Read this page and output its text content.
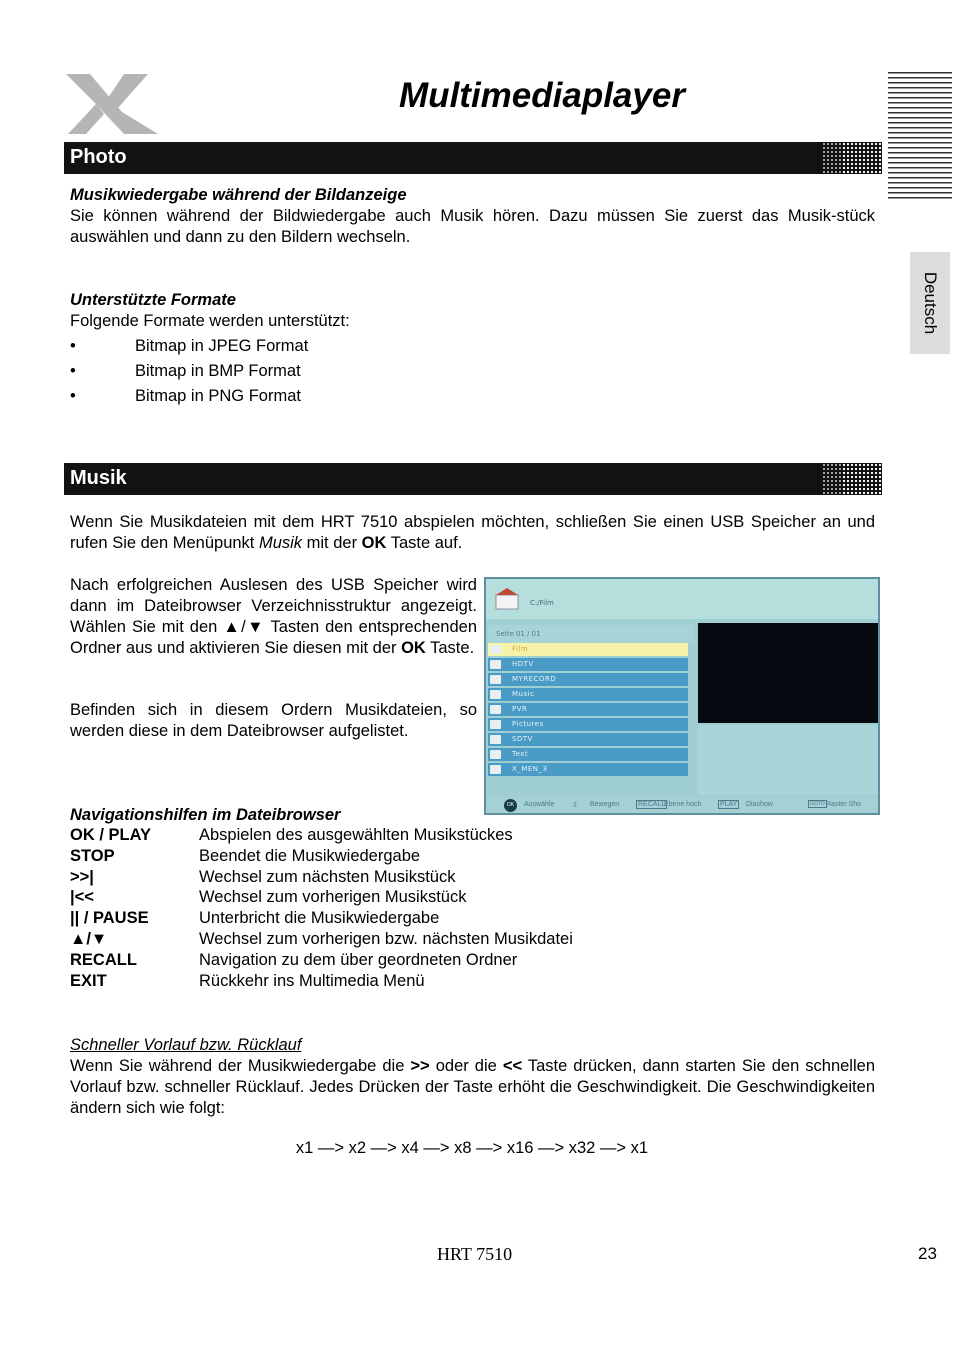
Multimediaplayer
Deutsch
Photo
Musikwiedergabe während der Bildanzeige
Sie können während der Bildwiedergabe auch Musik hören. Dazu müssen Sie zuerst das Musik-stück auswählen und dann zu den Bildern wechseln.
Unterstützte Formate
Folgende Formate werden unterstützt:
•	Bitmap in JPEG Format
•	Bitmap in BMP Format
•	Bitmap in PNG Format
Musik
Wenn Sie Musikdateien mit dem HRT 7510 abspielen möchten, schließen Sie einen USB Speicher an und rufen Sie den Menüpunkt Musik mit der OK Taste auf.
Nach erfolgreichen Auslesen des USB Speicher wird dann im Dateibrowser Verzeichnisstruktur angezeigt. Wählen Sie mit den ▲/▼ Tasten den entsprechenden Ordner aus und aktivieren Sie diesen mit der OK Taste.
Befinden sich in diesem Ordern Musikdateien, so werden diese in dem Dateibrowser aufgelistet.
C:/Film
Seite 01 / 01
Film
HDTV
MYRECORD
Music
PVR
Pictures
SDTV
Text
X_MEN_3
OK	Auswähle	⇳ Bewegen	RECALL
Ebene hoch	PLAY Diashow	GOTO Raster Sho
Navigationshilfen im Dateibrowser
OK / PLAY	Abspielen des ausgewählten Musikstückes
STOP	Beendet die Musikwiedergabe
>>|	Wechsel zum nächsten Musikstück
|<<	Wechsel zum vorherigen Musikstück
|| / PAUSE	Unterbricht die Musikwiedergabe
▲/▼	Wechsel zum vorherigen bzw. nächsten Musikdatei
RECALL	Navigation zu dem über geordneten Ordner
EXIT	Rückkehr ins Multimedia Menü
Schneller Vorlauf bzw. Rücklauf
Wenn Sie während der Musikwiedergabe die >> oder die << Taste drücken, dann starten Sie den schnellen Vorlauf bzw. schneller Rücklauf. Jedes Drücken der Taste erhöht die Geschwindigkeit. Die Geschwindigkeiten ändern sich wie folgt:
x1 —> x2 —> x4 —> x8 —> x16 —> x32 —> x1
HRT 7510	23
